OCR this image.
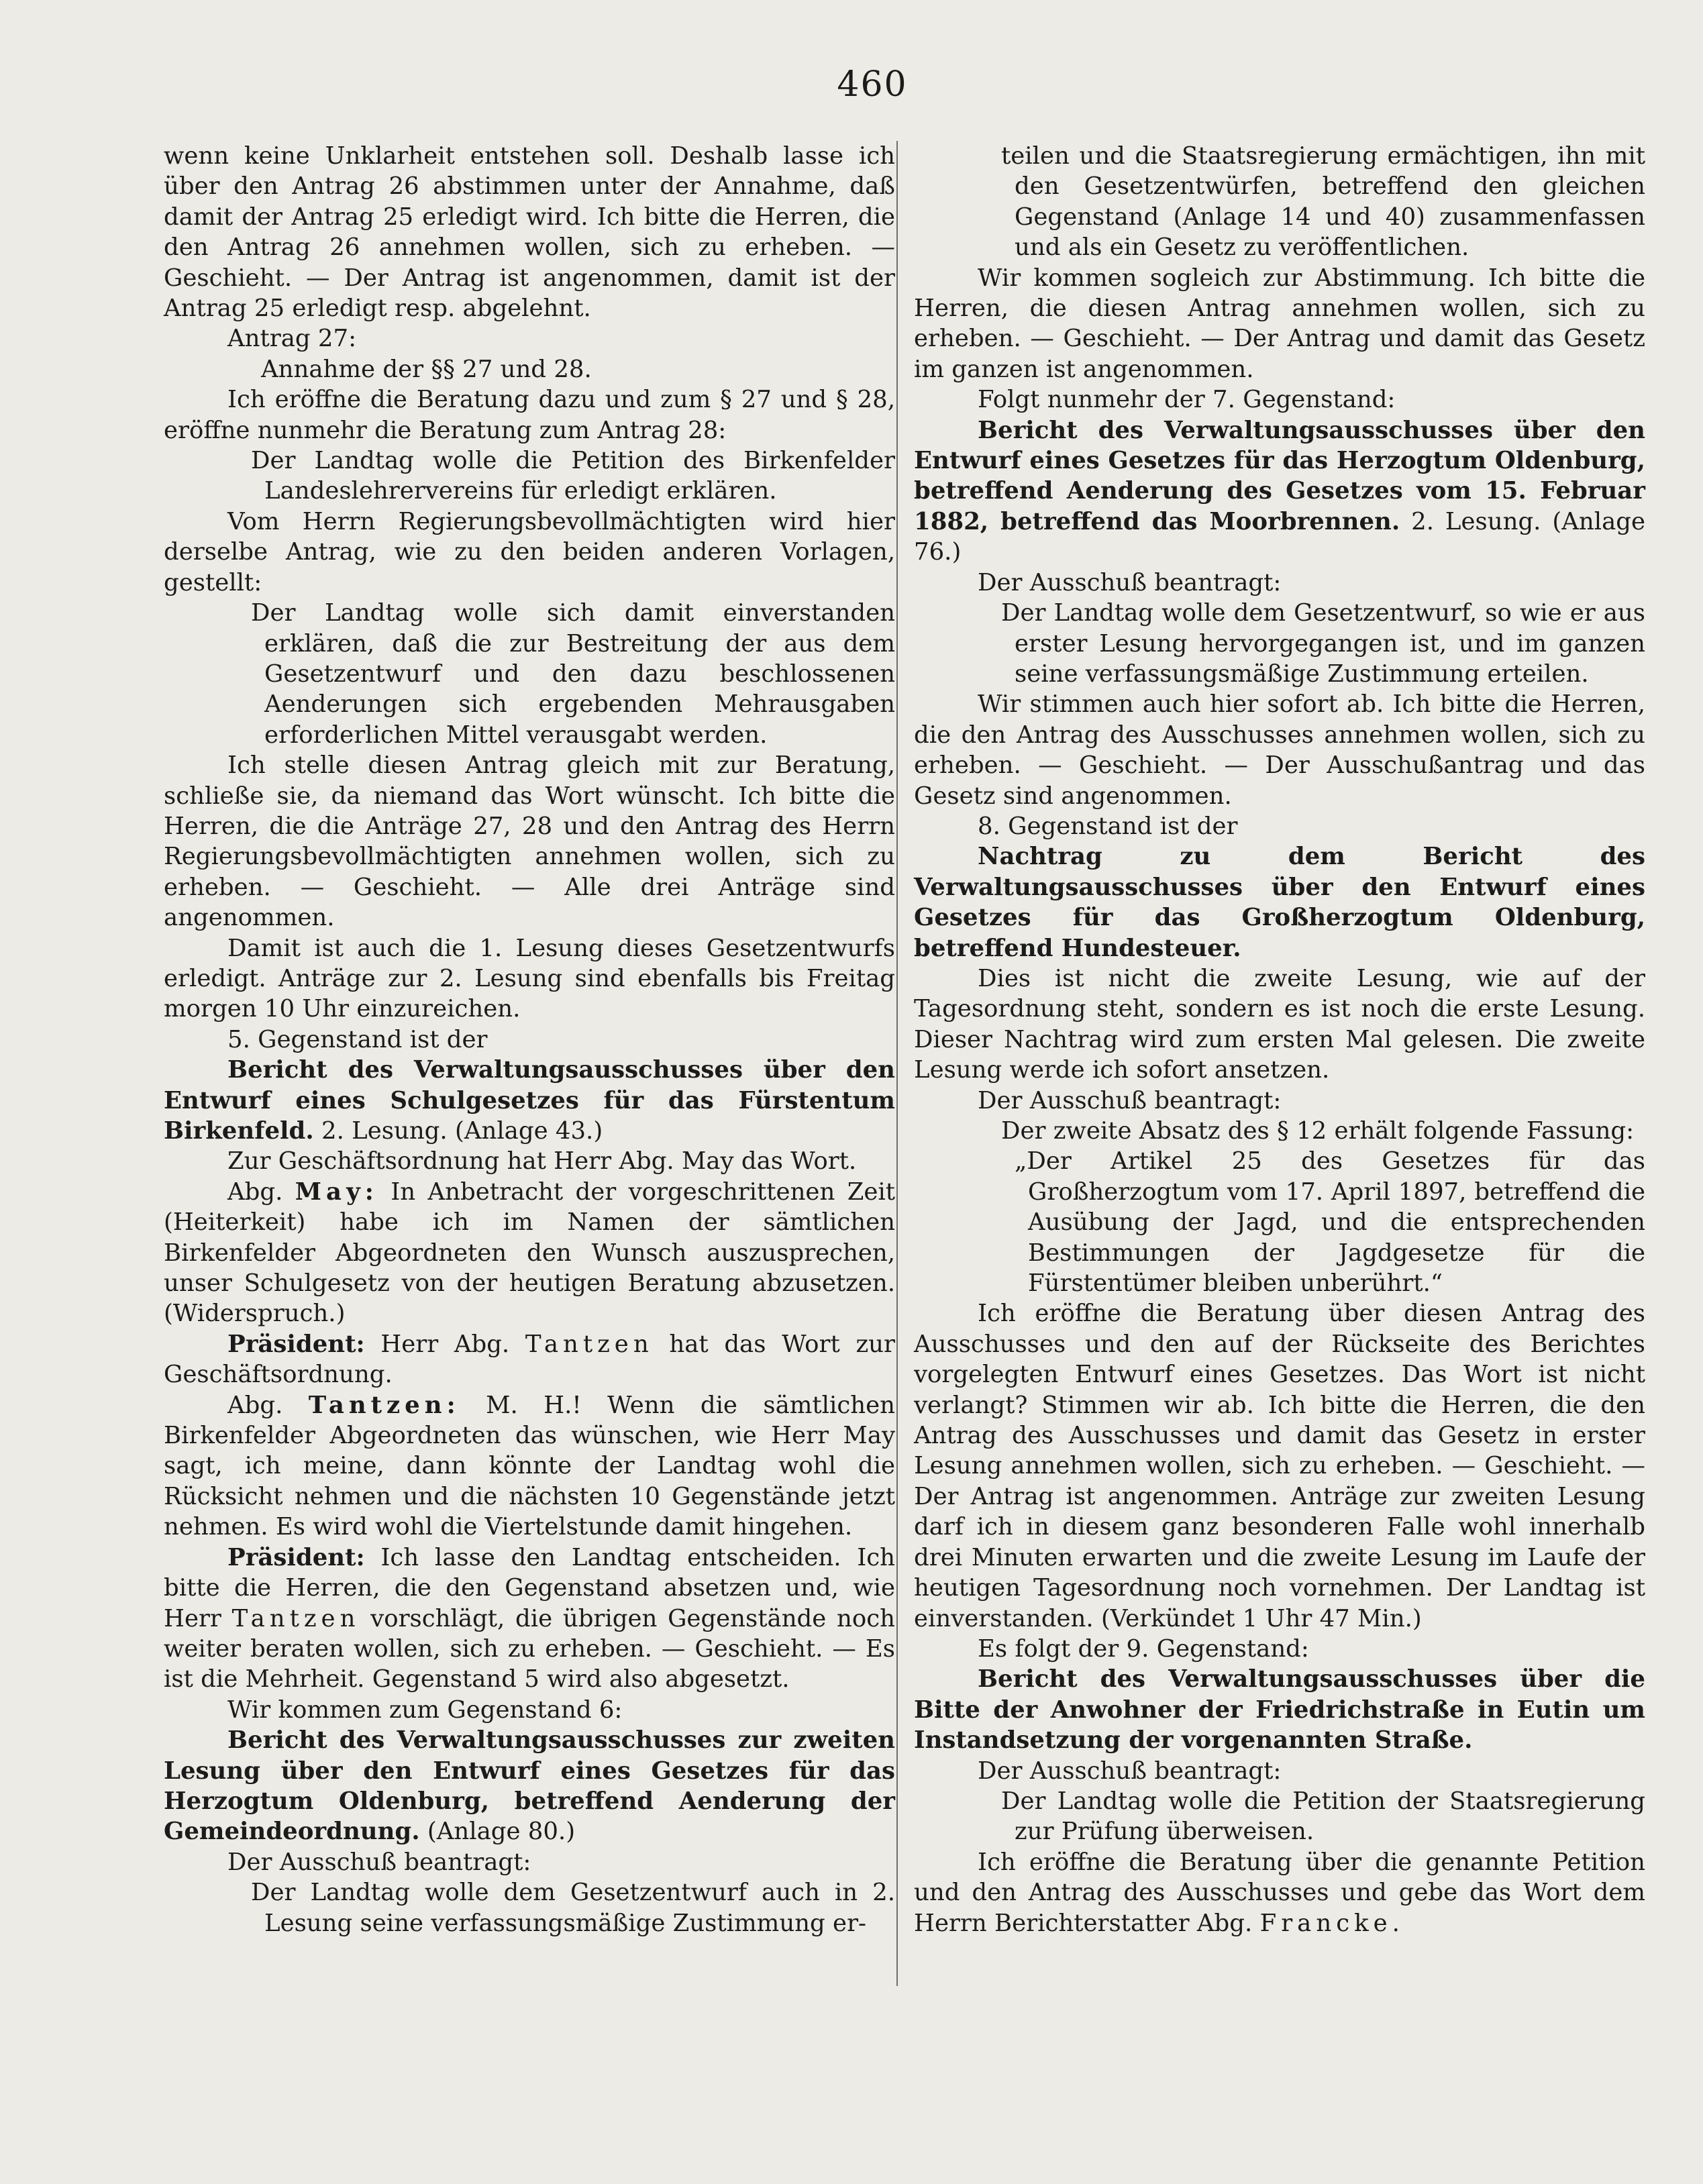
460

wenn keine Unklarheit entstehen soll. Deshalb lasse ich über den Antrag 26 abstimmen unter der Annahme, daß damit der Antrag 25 erledigt wird. Ich bitte die Herren, die den Antrag 26 annehmen wollen, sich zu erheben. — Geschieht. — Der Antrag ist angenommen, damit ist der Antrag 25 erledigt resp. abgelehnt.

Antrag 27:

Annahme der §§ 27 und 28.

Ich eröffne die Beratung dazu und zum § 27 und § 28, eröffne nunmehr die Beratung zum Antrag 28:

Der Landtag wolle die Petition des Birkenfelder Landeslehrervereins für erledigt erklären.

Vom Herrn Regierungsbevollmächtigten wird hier derselbe Antrag, wie zu den beiden anderen Vorlagen, gestellt:

Der Landtag wolle sich damit einverstanden erklären, daß die zur Bestreitung der aus dem Gesetzentwurf und den dazu beschlossenen Aenderungen sich ergebenden Mehrausgaben erforderlichen Mittel verausgabt werden.

Ich stelle diesen Antrag gleich mit zur Beratung, schließe sie, da niemand das Wort wünscht. Ich bitte die Herren, die die Anträge 27, 28 und den Antrag des Herrn Regierungsbevollmächtigten annehmen wollen, sich zu erheben. — Geschieht. — Alle drei Anträge sind angenommen.

Damit ist auch die 1. Lesung dieses Gesetzentwurfs erledigt. Anträge zur 2. Lesung sind ebenfalls bis Freitag morgen 10 Uhr einzureichen.

5. Gegenstand ist der

Bericht des Verwaltungsausschusses über den Entwurf eines Schulgesetzes für das Fürstentum Birkenfeld. 2. Lesung. (Anlage 43.)

Zur Geschäftsordnung hat Herr Abg. May das Wort.

Abg. May: In Anbetracht der vorgeschrittenen Zeit (Heiterkeit) habe ich im Namen der sämtlichen Birkenfelder Abgeordneten den Wunsch auszusprechen, unser Schulgesetz von der heutigen Beratung abzusetzen. (Widerspruch.)

Präsident: Herr Abg. Tantzen hat das Wort zur Geschäftsordnung.

Abg. Tantzen: M. H.! Wenn die sämtlichen Birkenfelder Abgeordneten das wünschen, wie Herr May sagt, ich meine, dann könnte der Landtag wohl die Rücksicht nehmen und die nächsten 10 Gegenstände jetzt nehmen. Es wird wohl die Viertelstunde damit hingehen.

Präsident: Ich lasse den Landtag entscheiden. Ich bitte die Herren, die den Gegenstand absetzen und, wie Herr Tantzen vorschlägt, die übrigen Gegenstände noch weiter beraten wollen, sich zu erheben. — Geschieht. — Es ist die Mehrheit. Gegenstand 5 wird also abgesetzt.

Wir kommen zum Gegenstand 6:

Bericht des Verwaltungsausschusses zur zweiten Lesung über den Entwurf eines Gesetzes für das Herzogtum Oldenburg, betreffend Aenderung der Gemeindeordnung. (Anlage 80.)

Der Ausschuß beantragt:

Der Landtag wolle dem Gesetzentwurf auch in 2. Lesung seine verfassungsmäßige Zustimmung er-

teilen und die Staatsregierung ermächtigen, ihn mit den Gesetzentwürfen, betreffend den gleichen Gegenstand (Anlage 14 und 40) zusammenfassen und als ein Gesetz zu veröffentlichen.

Wir kommen sogleich zur Abstimmung. Ich bitte die Herren, die diesen Antrag annehmen wollen, sich zu erheben. — Geschieht. — Der Antrag und damit das Gesetz im ganzen ist angenommen.

Folgt nunmehr der 7. Gegenstand:

Bericht des Verwaltungsausschusses über den Entwurf eines Gesetzes für das Herzogtum Oldenburg, betreffend Aenderung des Gesetzes vom 15. Februar 1882, betreffend das Moorbrennen. 2. Lesung. (Anlage 76.)

Der Ausschuß beantragt:

Der Landtag wolle dem Gesetzentwurf, so wie er aus erster Lesung hervorgegangen ist, und im ganzen seine verfassungsmäßige Zustimmung erteilen.

Wir stimmen auch hier sofort ab. Ich bitte die Herren, die den Antrag des Ausschusses annehmen wollen, sich zu erheben. — Geschieht. — Der Ausschußantrag und das Gesetz sind angenommen.

8. Gegenstand ist der

Nachtrag zu dem Bericht des Verwaltungsausschusses über den Entwurf eines Gesetzes für das Großherzogtum Oldenburg, betreffend Hundesteuer.

Dies ist nicht die zweite Lesung, wie auf der Tagesordnung steht, sondern es ist noch die erste Lesung. Dieser Nachtrag wird zum ersten Mal gelesen. Die zweite Lesung werde ich sofort ansetzen.

Der Ausschuß beantragt:

Der zweite Absatz des § 12 erhält folgende Fassung:

„Der Artikel 25 des Gesetzes für das Großherzogtum vom 17. April 1897, betreffend die Ausübung der Jagd, und die entsprechenden Bestimmungen der Jagdgesetze für die Fürstentümer bleiben unberührt.“

Ich eröffne die Beratung über diesen Antrag des Ausschusses und den auf der Rückseite des Berichtes vorgelegten Entwurf eines Gesetzes. Das Wort ist nicht verlangt? Stimmen wir ab. Ich bitte die Herren, die den Antrag des Ausschusses und damit das Gesetz in erster Lesung annehmen wollen, sich zu erheben. — Geschieht. — Der Antrag ist angenommen. Anträge zur zweiten Lesung darf ich in diesem ganz besonderen Falle wohl innerhalb drei Minuten erwarten und die zweite Lesung im Laufe der heutigen Tagesordnung noch vornehmen. Der Landtag ist einverstanden. (Verkündet 1 Uhr 47 Min.)

Es folgt der 9. Gegenstand:

Bericht des Verwaltungsausschusses über die Bitte der Anwohner der Friedrichstraße in Eutin um Instandsetzung der vorgenannten Straße.

Der Ausschuß beantragt:

Der Landtag wolle die Petition der Staatsregierung zur Prüfung überweisen.

Ich eröffne die Beratung über die genannte Petition und den Antrag des Ausschusses und gebe das Wort dem Herrn Berichterstatter Abg. Francke.
